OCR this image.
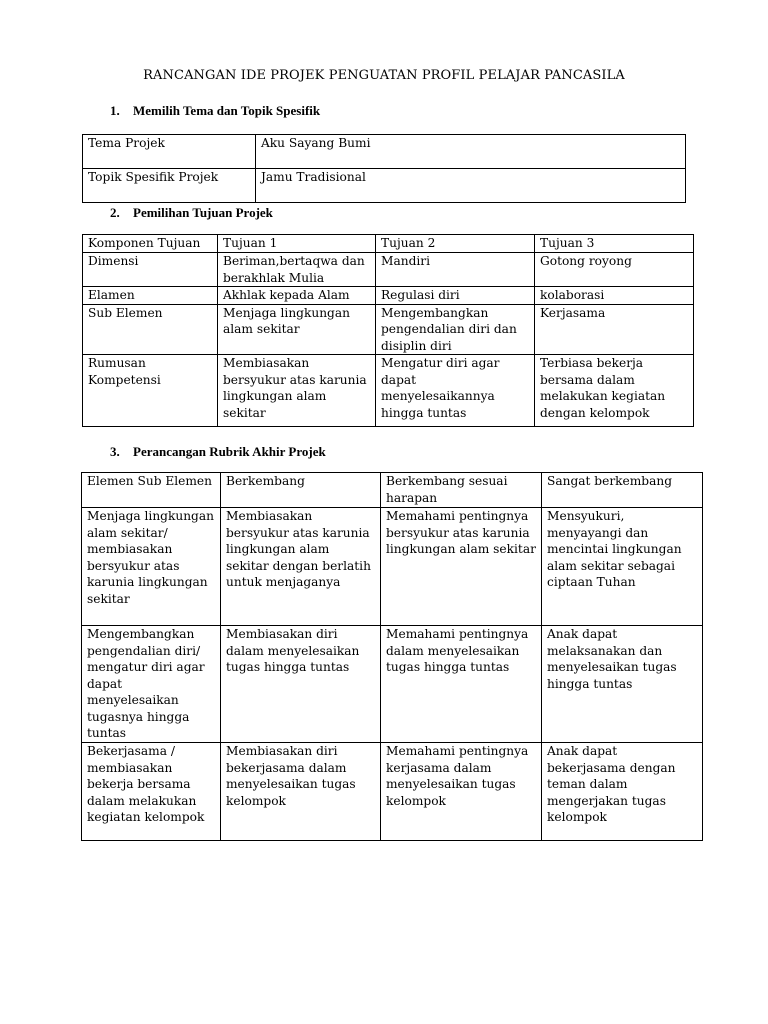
RANCANGAN IDE PROJEK PENGUATAN PROFIL PELAJAR PANCASILA
1. Memilih Tema dan Topik Spesifik
Tema Projek	Aku Sayang Bumi
Topik Spesifik Projek	Jamu Tradisional
2. Pemilihan Tujuan Projek
Komponen Tujuan	Tujuan 1	Tujuan 2	Tujuan 3
Dimensi	Beriman,bertaqwa dan berakhlak Mulia	Mandiri	Gotong royong
Elamen	Akhlak kepada Alam	Regulasi diri	kolaborasi
Sub Elemen	Menjaga lingkungan alam sekitar	Mengembangkan pengendalian diri dan disiplin diri	Kerjasama
Rumusan Kompetensi	Membiasakan bersyukur atas karunia lingkungan alam sekitar	Mengatur diri agar dapat menyelesaikannya hingga tuntas	Terbiasa bekerja bersama dalam melakukan kegiatan dengan kelompok
3. Perancangan Rubrik Akhir Projek
Elemen Sub Elemen	Berkembang	Berkembang sesuai harapan	Sangat berkembang
Menjaga lingkungan alam sekitar/ membiasakan bersyukur atas karunia lingkungan sekitar	Membiasakan bersyukur atas karunia lingkungan alam sekitar dengan berlatih untuk menjaganya	Memahami pentingnya bersyukur atas karunia lingkungan alam sekitar	Mensyukuri, menyayangi dan mencintai lingkungan alam sekitar sebagai ciptaan Tuhan
Mengembangkan pengendalian diri/ mengatur diri agar dapat menyelesaikan tugasnya hingga tuntas	Membiasakan diri dalam menyelesaikan tugas hingga tuntas	Memahami pentingnya dalam menyelesaikan tugas hingga tuntas	Anak dapat melaksanakan dan menyelesaikan tugas hingga tuntas
Bekerjasama / membiasakan bekerja bersama dalam melakukan kegiatan kelompok	Membiasakan diri bekerjasama dalam menyelesaikan tugas kelompok	Memahami pentingnya kerjasama dalam menyelesaikan tugas kelompok	Anak dapat bekerjasama dengan teman dalam mengerjakan tugas kelompok
